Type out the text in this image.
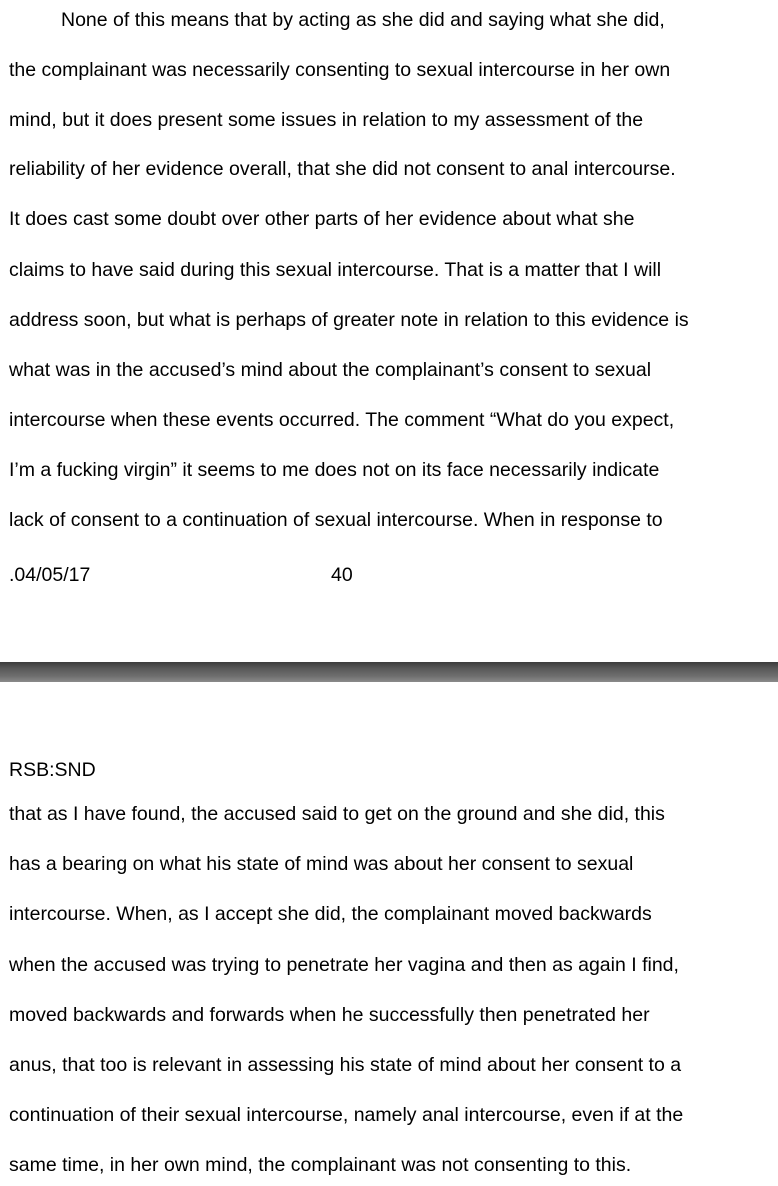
None of this means that by acting as she did and saying what she did,

the complainant was necessarily consenting to sexual intercourse in her own

mind, but it does present some issues in relation to my assessment of the

reliability of her evidence overall, that she did not consent to anal intercourse.

It does cast some doubt over other parts of her evidence about what she

claims to have said during this sexual intercourse. That is a matter that I will

address soon, but what is perhaps of greater note in relation to this evidence is

what was in the accused’s mind about the complainant’s consent to sexual

intercourse when these events occurred. The comment “What do you expect,

I’m a fucking virgin” it seems to me does not on its face necessarily indicate

lack of consent to a continuation of sexual intercourse. When in response to

.04/05/17	40
RSB:SND

that as I have found, the accused said to get on the ground and she did, this

has a bearing on what his state of mind was about her consent to sexual

intercourse. When, as I accept she did, the complainant moved backwards

when the accused was trying to penetrate her vagina and then as again I find,

moved backwards and forwards when he successfully then penetrated her

anus, that too is relevant in assessing his state of mind about her consent to a

continuation of their sexual intercourse, namely anal intercourse, even if at the

same time, in her own mind, the complainant was not consenting to this.
